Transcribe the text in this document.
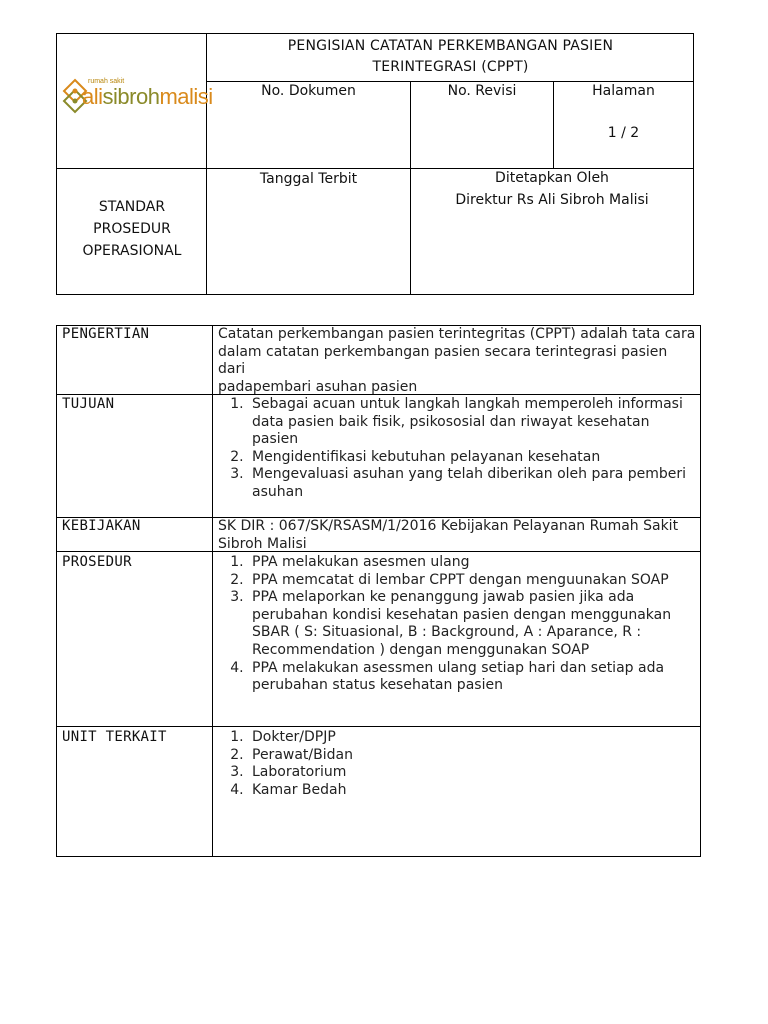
rumah sakit
alisibrohmalisi
PENGISIAN CATATAN PERKEMBANGAN PASIEN
TERINTEGRASI (CPPT)
No. Dokumen	No. Revisi	Halaman
1 / 2
STANDAR
PROSEDUR
OPERASIONAL
Tanggal Terbit	Ditetapkan Oleh
Direktur Rs Ali Sibroh Malisi
PENGERTIAN	Catatan perkembangan pasien terintegritas (CPPT) adalah tata cara
dalam catatan perkembangan pasien secara terintegrasi pasien dari
padapembari asuhan pasien
TUJUAN	1. Sebagai acuan untuk langkah langkah memperoleh informasi data pasien baik fisik, psikososial dan riwayat kesehatan pasien
2. Mengidentifikasi kebutuhan pelayanan kesehatan
3. Mengevaluasi asuhan yang telah diberikan oleh para pemberi asuhan
KEBIJAKAN	SK DIR : 067/SK/RSASM/1/2016 Kebijakan Pelayanan Rumah Sakit
Sibroh Malisi
PROSEDUR	1. PPA melakukan asesmen ulang
2. PPA memcatat di lembar CPPT dengan menguunakan SOAP
3. PPA melaporkan ke penanggung jawab pasien jika ada perubahan kondisi kesehatan pasien dengan menggunakan SBAR ( S: Situasional, B : Background, A : Aparance, R : Recommendation ) dengan menggunakan SOAP
4. PPA melakukan asessmen ulang setiap hari dan setiap ada perubahan status kesehatan pasien
UNIT TERKAIT	1. Dokter/DPJP
2. Perawat/Bidan
3. Laboratorium
4. Kamar Bedah
